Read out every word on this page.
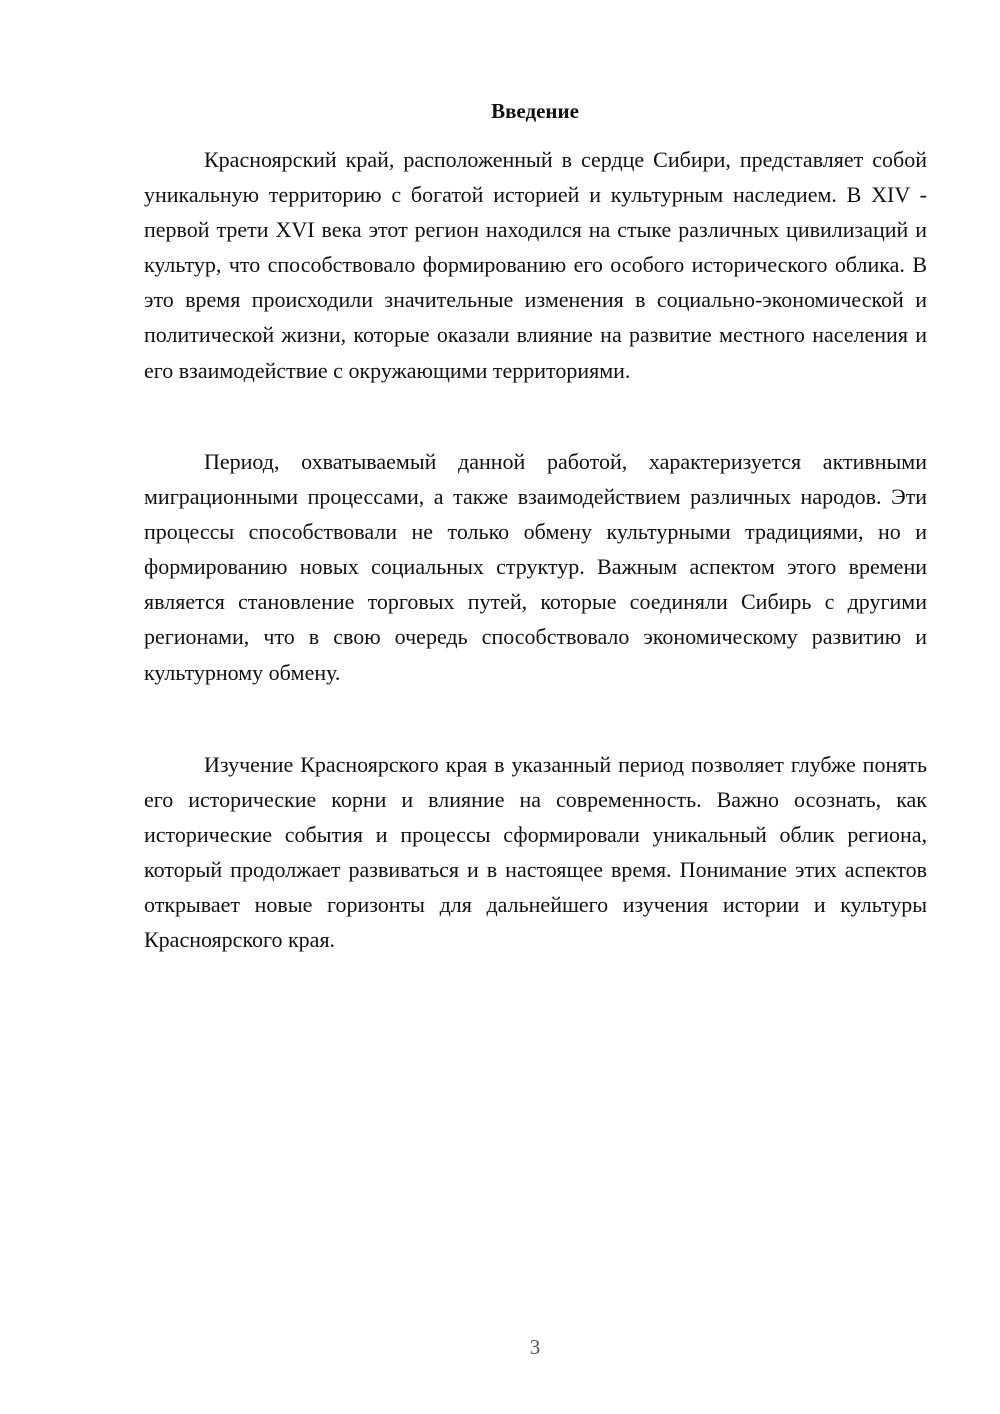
Введение

Красноярский край, расположенный в сердце Сибири, представляет собой уникальную территорию с богатой историей и культурным наследием. В XIV - первой трети XVI века этот регион находился на стыке различных цивилизаций и культур, что способствовало формированию его особого исторического облика. В это время происходили значительные изменения в социально-экономической и политической жизни, которые оказали влияние на развитие местного населения и его взаимодействие с окружающими территориями.

Период, охватываемый данной работой, характеризуется активными миграционными процессами, а также взаимодействием различных народов. Эти процессы способствовали не только обмену культурными традициями, но и формированию новых социальных структур. Важным аспектом этого времени является становление торговых путей, которые соединяли Сибирь с другими регионами, что в свою очередь способствовало экономическому развитию и культурному обмену.

Изучение Красноярского края в указанный период позволяет глубже понять его исторические корни и влияние на современность. Важно осознать, как исторические события и процессы сформировали уникальный облик региона, который продолжает развиваться и в настоящее время. Понимание этих аспектов открывает новые горизонты для дальнейшего изучения истории и культуры Красноярского края.

3
